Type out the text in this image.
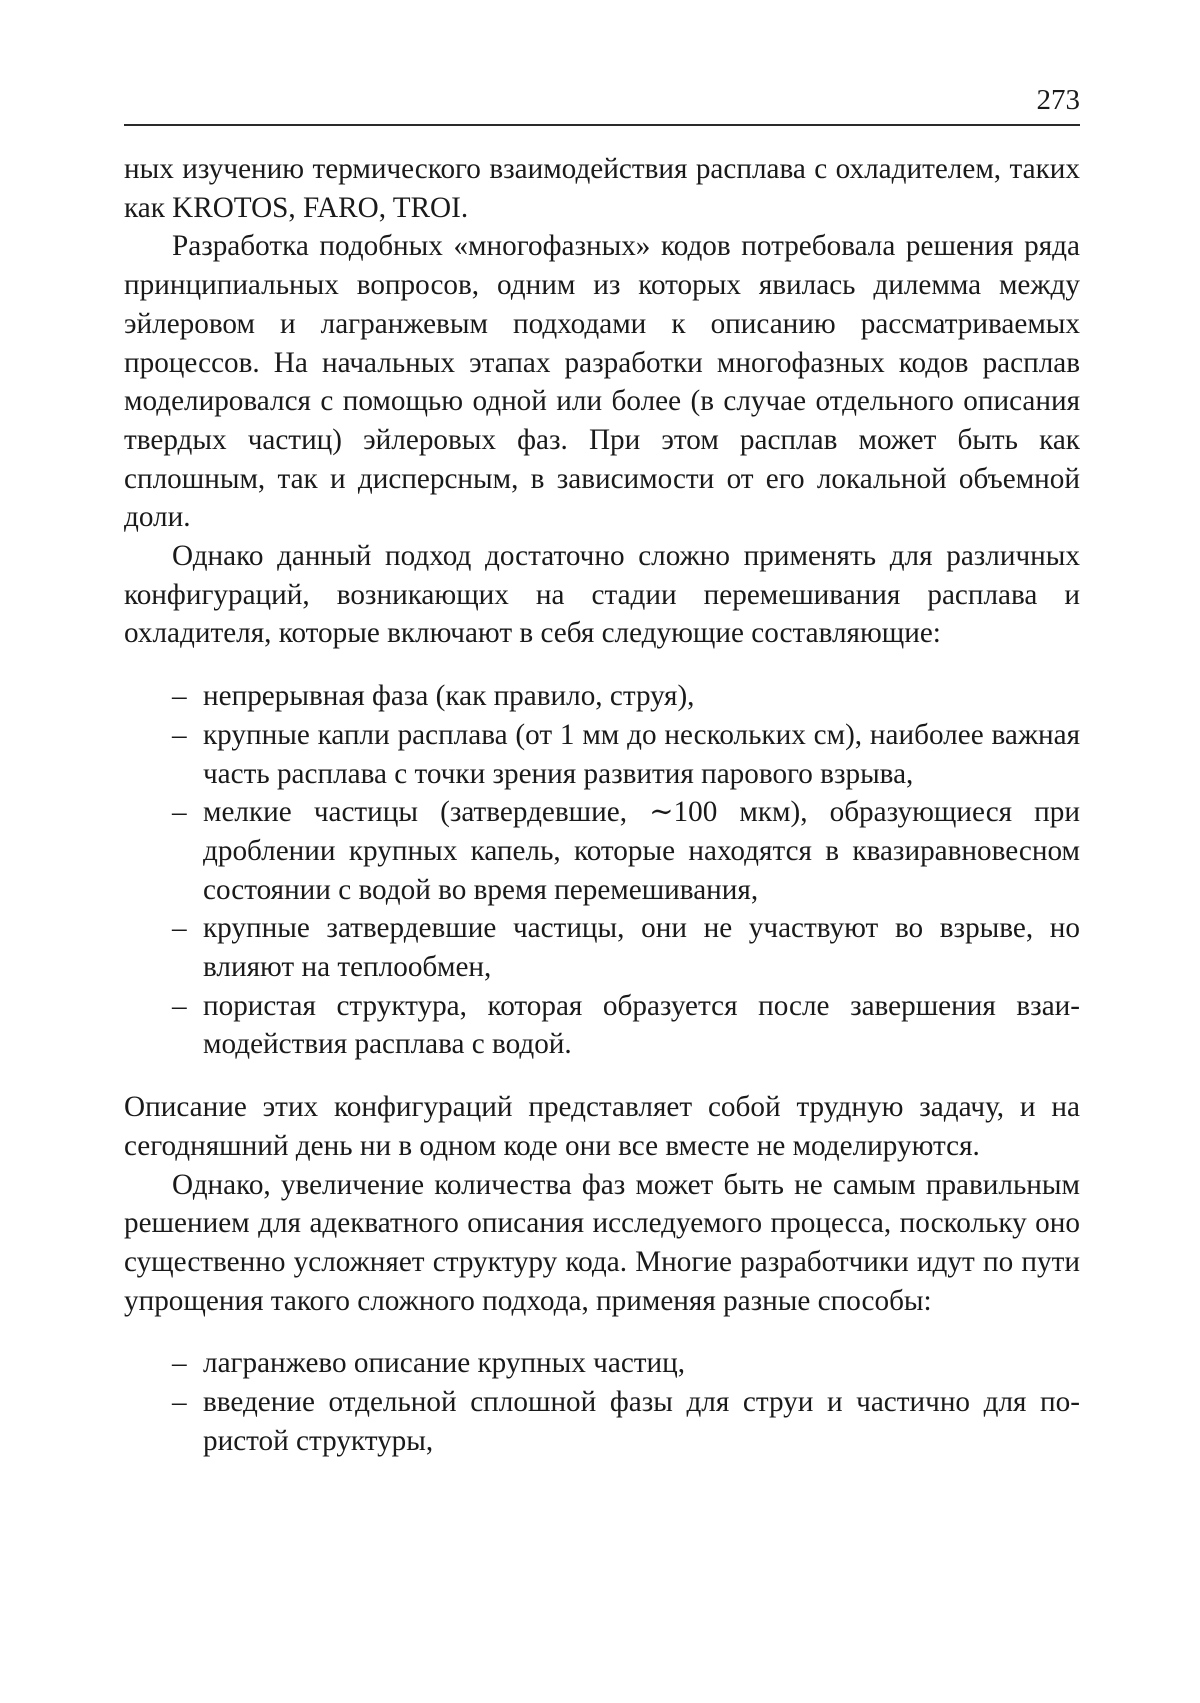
273

ных изучению термического взаимодействия расплава с охладителем, таких как KROTOS, FARO, TROI.

Разработка подобных «многофазных» кодов потребовала решения ряда принципиальных вопросов, одним из которых явилась дилемма между эйлеровом и лагранжевым подходами к описанию рассматриваемых процессов. На начальных этапах разработки многофазных кодов расплав моделировался с помощью одной или более (в случае отдельного описания твердых частиц) эйлеровых фаз. При этом расплав может быть как сплошным, так и дисперсным, в зависимости от его локальной объемной доли.

Однако данный подход достаточно сложно применять для различных конфигураций, возникающих на стадии перемешивания расплава и охладителя, которые включают в себя следующие составляющие:

– непрерывная фаза (как правило, струя),
– крупные капли расплава (от 1 мм до нескольких см), наиболее важная часть расплава с точки зрения развития парового взрыва,
– мелкие частицы (затвердевшие, ∼100 мкм), образующиеся при дроблении крупных капель, которые находятся в квазиравновесном состоянии с водой во время перемешивания,
– крупные затвердевшие частицы, они не участвуют во взрыве, но влияют на теплообмен,
– пористая структура, которая образуется после завершения взаимодействия расплава с водой.

Описание этих конфигураций представляет собой трудную задачу, и на сегодняшний день ни в одном коде они все вместе не моделируются.

Однако, увеличение количества фаз может быть не самым правильным решением для адекватного описания исследуемого процесса, поскольку оно существенно усложняет структуру кода. Многие разработчики идут по пути упрощения такого сложного подхода, применяя разные способы:

– лагранжево описание крупных частиц,
– введение отдельной сплошной фазы для струи и частично для пористой структуры,
